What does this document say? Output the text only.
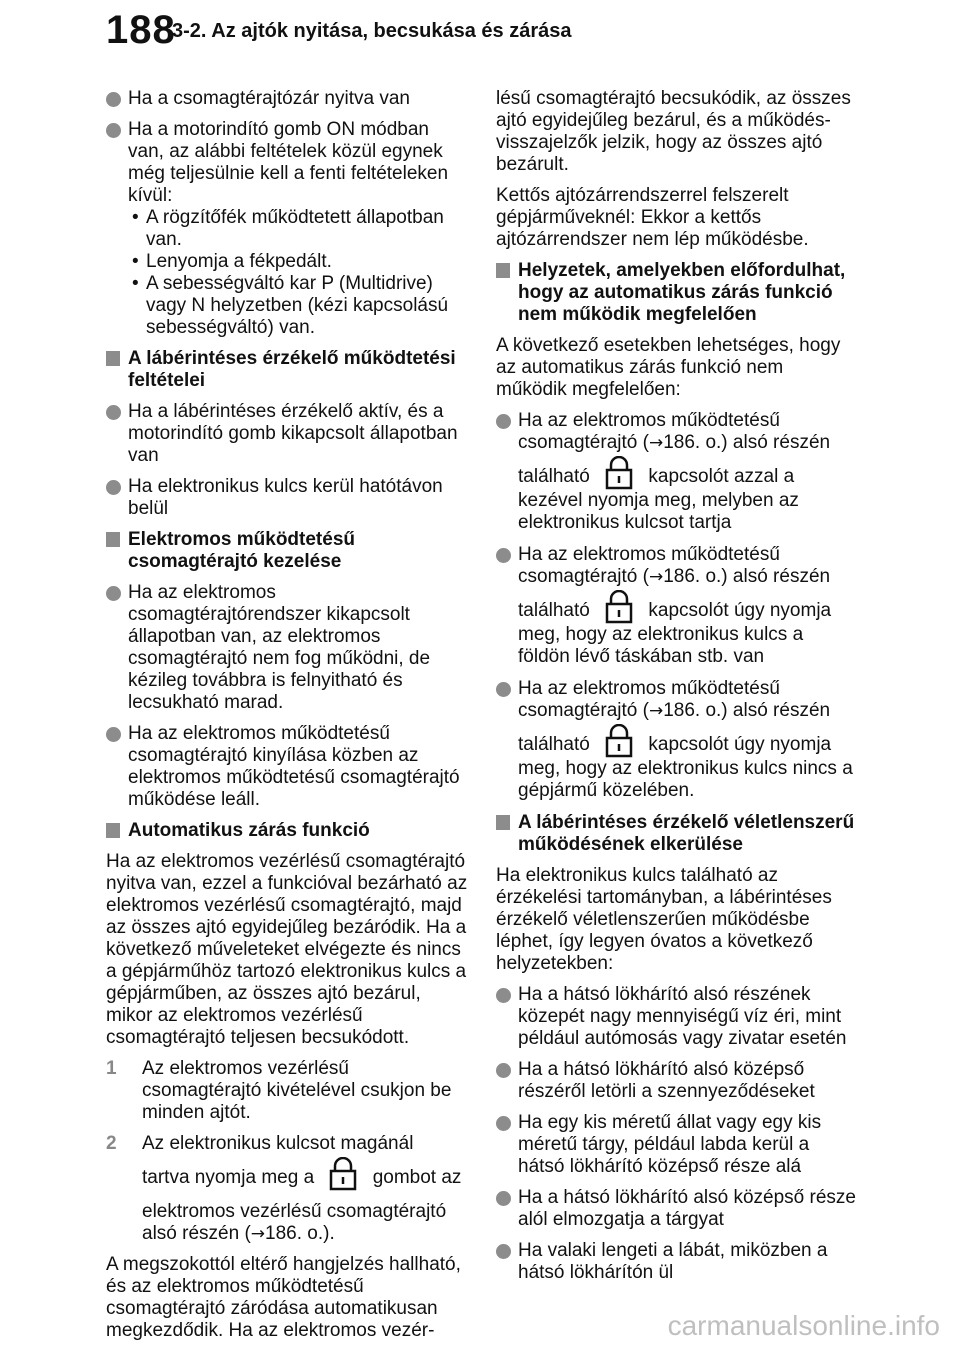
188
3-2. Az ajtók nyitása, becsukása és zárása
Ha a csomagtérajtózár nyitva van
Ha a motorindító gomb ON módban van, az alábbi feltételek közül egynek még teljesülnie kell a fenti feltételeken kívül:
• A rögzítőfék működtetett állapotban van.
• Lenyomja a fékpedált.
• A sebességváltó kar P (Multidrive) vagy N helyzetben (kézi kapcsolású sebességváltó) van.
A lábérintéses érzékelő működtetési feltételei
Ha a lábérintéses érzékelő aktív, és a motorindító gomb kikapcsolt állapotban van
Ha elektronikus kulcs kerül hatótávon belül
Elektromos működtetésű csomagtérajtó kezelése
Ha az elektromos csomagtérajtórendszer kikapcsolt állapotban van, az elektromos csomagtérajtó nem fog működni, de kézileg továbbra is felnyitható és lecsukható marad.
Ha az elektromos működtetésű csomagtérajtó kinyílása közben az elektromos működtetésű csomagtérajtó működése leáll.
Automatikus zárás funkció
Ha az elektromos vezérlésű csomagtérajtó nyitva van, ezzel a funkcióval bezárható az elektromos vezérlésű csomagtérajtó, majd az összes ajtó egyidejűleg bezáródik. Ha a következő műveleteket elvégezte és nincs a gépjárműhöz tartozó elektronikus kulcs a gépjárműben, az összes ajtó bezárul, mikor az elektromos vezérlésű csomagtérajtó teljesen becsukódott.
1 Az elektromos vezérlésű csomagtérajtó kivételével csukjon be minden ajtót.
2 Az elektronikus kulcsot magánál
tartva nyomja meg a	gombot az
elektromos vezérlésű csomagtérajtó alsó részén (→186. o.).
A megszokottól eltérő hangjelzés hallható, és az elektromos működtetésű csomagtérajtó záródása automatikusan megkezdődik. Ha az elektromos vezér-
lésű csomagtérajtó becsukódik, az összes ajtó egyidejűleg bezárul, és a működés-visszajelzők jelzik, hogy az összes ajtó bezárult.
Kettős ajtózárrendszerrel felszerelt gépjárműveknél: Ekkor a kettős ajtózárrendszer nem lép működésbe.
Helyzetek, amelyekben előfordulhat, hogy az automatikus zárás funkció nem működik megfelelően
A következő esetekben lehetséges, hogy az automatikus zárás funkció nem működik megfelelően:
Ha az elektromos működtetésű csomagtérajtó (→186. o.) alsó részén
található	kapcsolót azzal a kezével nyomja meg, melyben az elektronikus kulcsot tartja
Ha az elektromos működtetésű csomagtérajtó (→186. o.) alsó részén
található	kapcsolót úgy nyomja meg, hogy az elektronikus kulcs a földön lévő táskában stb. van
Ha az elektromos működtetésű csomagtérajtó (→186. o.) alsó részén
található	kapcsolót úgy nyomja meg, hogy az elektronikus kulcs nincs a gépjármű közelében.
A lábérintéses érzékelő véletlenszerű működésének elkerülése
Ha elektronikus kulcs található az érzékelési tartományban, a lábérintéses érzékelő véletlenszerűen működésbe léphet, így legyen óvatos a következő helyzetekben:
Ha a hátsó lökhárító alsó részének közepét nagy mennyiségű víz éri, mint például autómosás vagy zivatar esetén
Ha a hátsó lökhárító alsó középső részéről letörli a szennyeződéseket
Ha egy kis méretű állat vagy egy kis méretű tárgy, például labda kerül a hátsó lökhárító középső része alá
Ha a hátsó lökhárító alsó középső része alól elmozgatja a tárgyat
Ha valaki lengeti a lábát, miközben a hátsó lökhárítón ül
carmanualsonline.info
